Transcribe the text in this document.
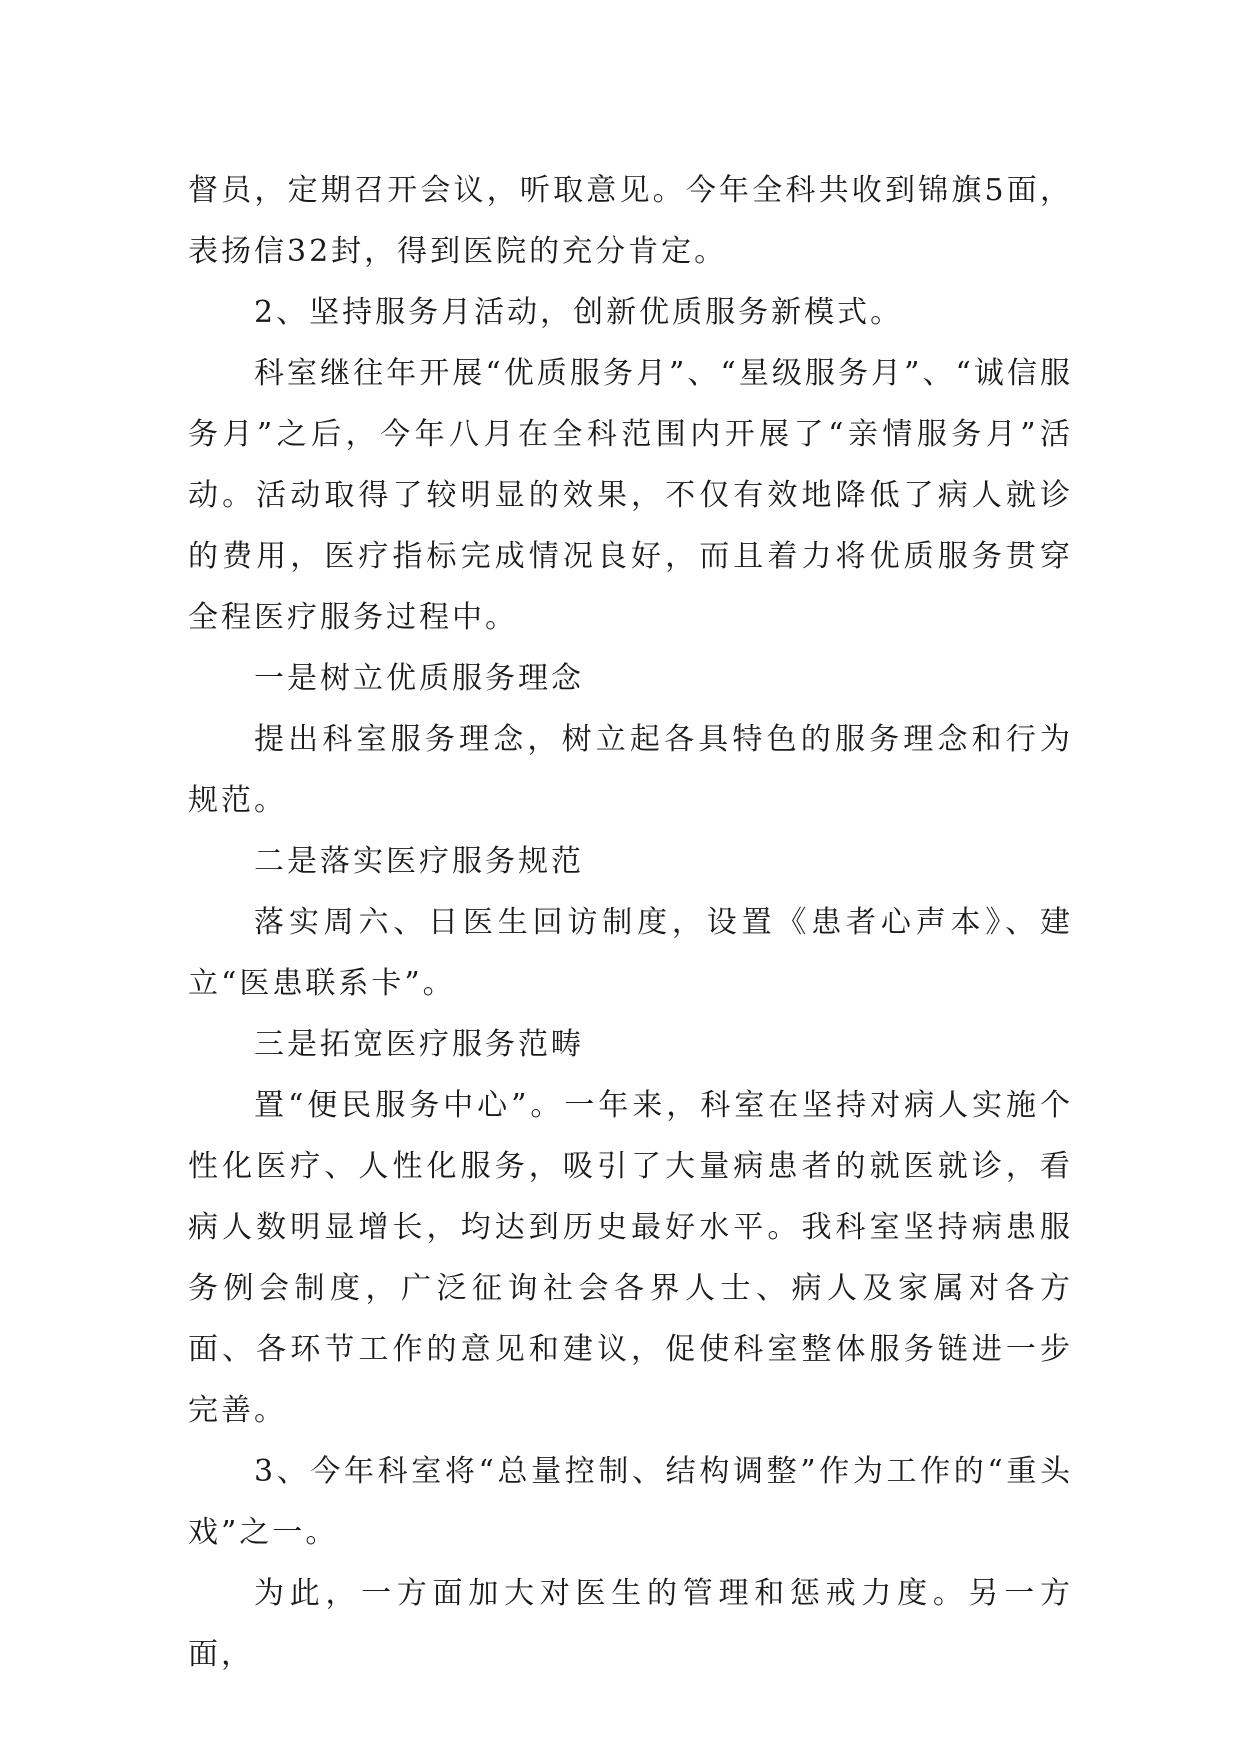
督员，定期召开会议，听取意见。今年全科共收到锦旗5面，表扬信32封，得到医院的充分肯定。

2、坚持服务月活动，创新优质服务新模式。

科室继往年开展“优质服务月”、“星级服务月”、“诚信服务月”之后，今年八月在全科范围内开展了“亲情服务月”活动。活动取得了较明显的效果，不仅有效地降低了病人就诊的费用，医疗指标完成情况良好，而且着力将优质服务贯穿全程医疗服务过程中。

一是树立优质服务理念

提出科室服务理念，树立起各具特色的服务理念和行为规范。

二是落实医疗服务规范

落实周六、日医生回访制度，设置《患者心声本》、建立“医患联系卡”。

三是拓宽医疗服务范畴

置“便民服务中心”。一年来，科室在坚持对病人实施个性化医疗、人性化服务，吸引了大量病患者的就医就诊，看病人数明显增长，均达到历史最好水平。我科室坚持病患服务例会制度，广泛征询社会各界人士、病人及家属对各方面、各环节工作的意见和建议，促使科室整体服务链进一步完善。

3、今年科室将“总量控制、结构调整”作为工作的“重头戏”之一。

为此，一方面加大对医生的管理和惩戒力度。另一方面，
